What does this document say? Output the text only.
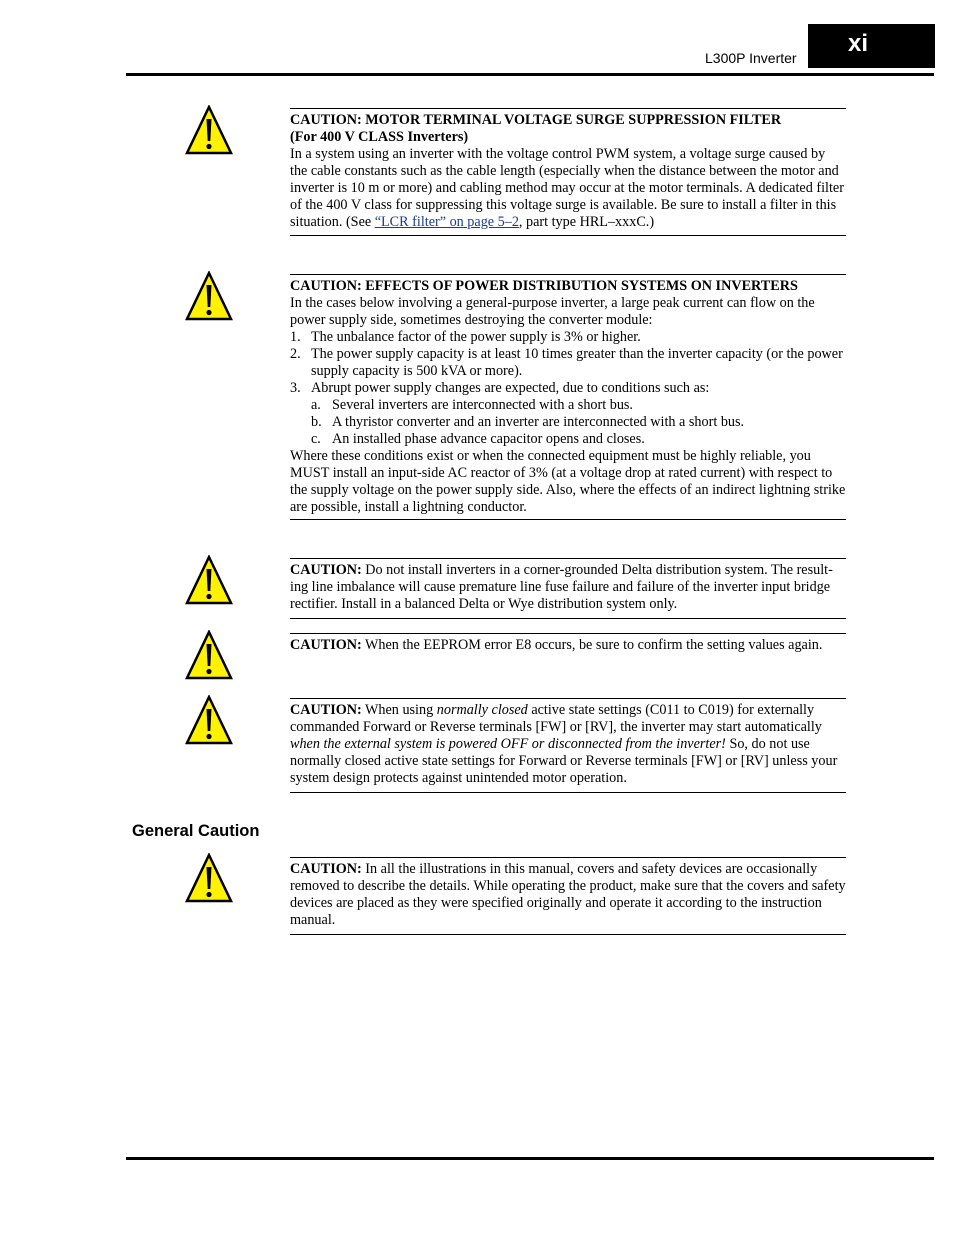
L300P Inverter
xi

CAUTION: MOTOR TERMINAL VOLTAGE SURGE SUPPRESSION FILTER

(For 400 V CLASS Inverters)

In a system using an inverter with the voltage control PWM system, a voltage surge caused by the cable constants such as the cable length (especially when the distance between the motor and inverter is 10 m or more) and cabling method may occur at the motor terminals. A dedicated filter of the 400 V class for suppressing this voltage surge is available. Be sure to install a filter in this situation. (See “LCR filter” on page 5–2, part type HRL–xxxC.)

CAUTION: EFFECTS OF POWER DISTRIBUTION SYSTEMS ON INVERTERS

In the cases below involving a general-purpose inverter, a large peak current can flow on the power supply side, sometimes destroying the converter module:

1. The unbalance factor of the power supply is 3% or higher.
2. The power supply capacity is at least 10 times greater than the inverter capacity (or the power supply capacity is 500 kVA or more).
3. Abrupt power supply changes are expected, due to conditions such as:
a. Several inverters are interconnected with a short bus.
b. A thyristor converter and an inverter are interconnected with a short bus.
c. An installed phase advance capacitor opens and closes.

Where these conditions exist or when the connected equipment must be highly reliable, you MUST install an input-side AC reactor of 3% (at a voltage drop at rated current) with respect to the supply voltage on the power supply side. Also, where the effects of an indirect lightning strike are possible, install a lightning conductor.

CAUTION: Do not install inverters in a corner-grounded Delta distribution system. The result-ing line imbalance will cause premature line fuse failure and failure of the inverter input bridge rectifier. Install in a balanced Delta or Wye distribution system only.

CAUTION: When the EEPROM error E8 occurs, be sure to confirm the setting values again.

CAUTION: When using normally closed active state settings (C011 to C019) for externally commanded Forward or Reverse terminals [FW] or [RV], the inverter may start automatically when the external system is powered OFF or disconnected from the inverter! So, do not use normally closed active state settings for Forward or Reverse terminals [FW] or [RV] unless your system design protects against unintended motor operation.

General Caution

CAUTION: In all the illustrations in this manual, covers and safety devices are occasionally removed to describe the details. While operating the product, make sure that the covers and safety devices are placed as they were specified originally and operate it according to the instruction manual.
